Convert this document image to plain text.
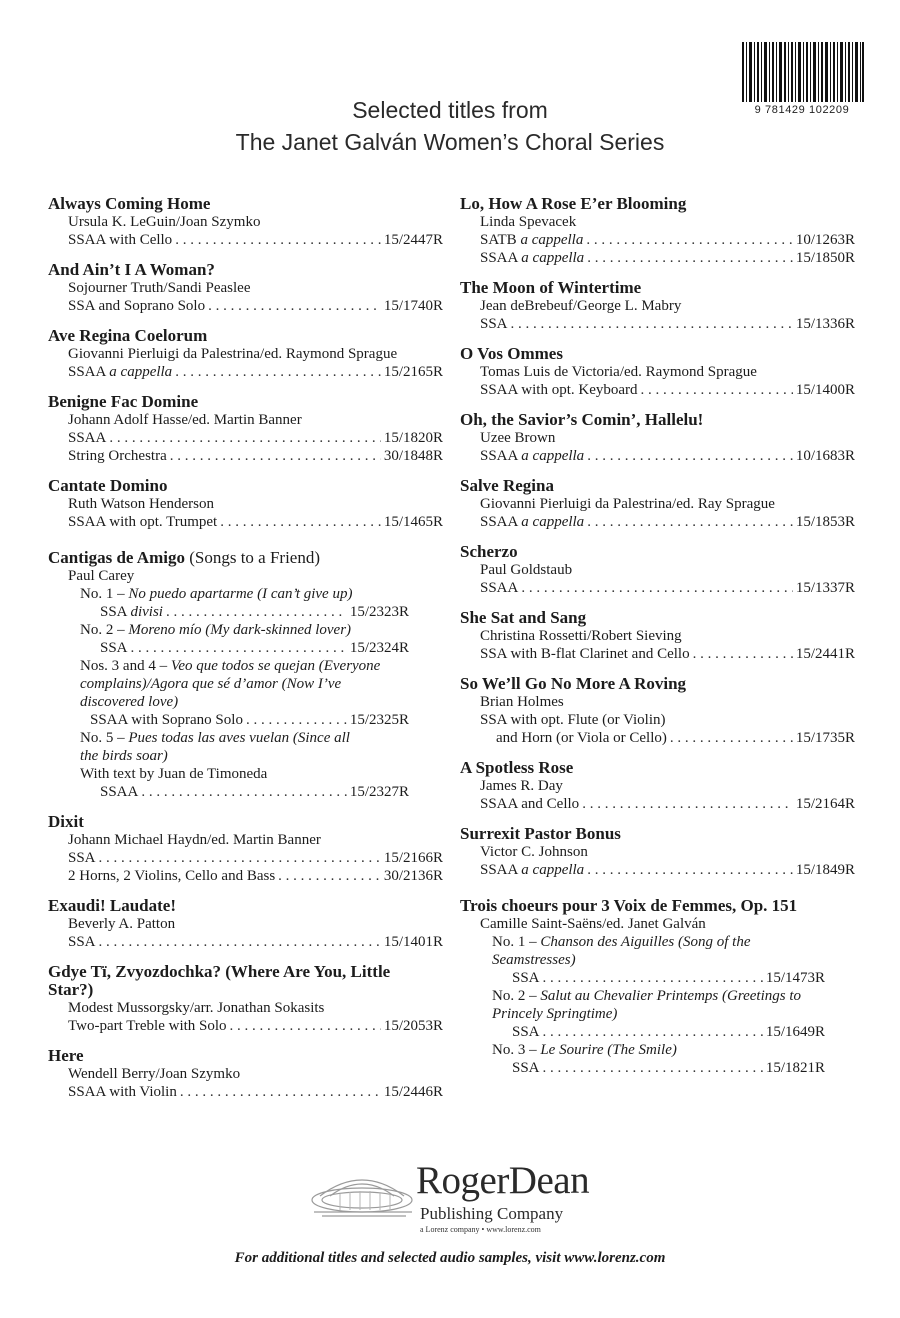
9 781429 102209
Selected titles from
The Janet Galván Women’s Choral Series
Always Coming Home
Ursula K. LeGuin/Joan Szymko
SSAA with Cello . . .	15/2447R
And Ain’t I A Woman?
Sojourner Truth/Sandi Peaslee
SSA and Soprano Solo . . .	15/1740R
Ave Regina Coelorum
Giovanni Pierluigi da Palestrina/ed. Raymond Sprague
SSAA a cappella . . .	15/2165R
Benigne Fac Domine
Johann Adolf Hasse/ed. Martin Banner
SSAA . . .	15/1820R
String Orchestra . . .	30/1848R
Cantate Domino
Ruth Watson Henderson
SSAA with opt. Trumpet . . .	15/1465R
Cantigas de Amigo (Songs to a Friend)
Paul Carey
No. 1 – No puedo apartarme (I can’t give up)
SSA divisi . . .	15/2323R
No. 2 – Moreno mío (My dark-skinned lover)
SSA . . .	15/2324R
Nos. 3 and 4 – Veo que todos se quejan (Everyone complains)/Agora que sé d’amor (Now I’ve discovered love)
SSAA with Soprano Solo . . .	15/2325R
No. 5 – Pues todas las aves vuelan (Since all the birds soar)
With text by Juan de Timoneda
SSAA . . .	15/2327R
Dixit
Johann Michael Haydn/ed. Martin Banner
SSA . . .	15/2166R
2 Horns, 2 Violins, Cello and Bass . . .	30/2136R
Exaudi! Laudate!
Beverly A. Patton
SSA . . .	15/1401R
Gdye Tï, Zvyozdochka? (Where Are You, Little Star?)
Modest Mussorgsky/arr. Jonathan Sokasits
Two-part Treble with Solo . . .	15/2053R
Here
Wendell Berry/Joan Szymko
SSAA with Violin . . .	15/2446R
Lo, How A Rose E’er Blooming
Linda Spevacek
SATB a cappella . . .	10/1263R
SSAA a cappella . . .	15/1850R
The Moon of Wintertime
Jean deBrebeuf/George L. Mabry
SSA . . .	15/1336R
O Vos Ommes
Tomas Luis de Victoria/ed. Raymond Sprague
SSAA with opt. Keyboard . . .	15/1400R
Oh, the Savior’s Comin’, Hallelu!
Uzee Brown
SSAA a cappella . . .	10/1683R
Salve Regina
Giovanni Pierluigi da Palestrina/ed. Ray Sprague
SSAA a cappella . . .	15/1853R
Scherzo
Paul Goldstaub
SSAA . . .	15/1337R
She Sat and Sang
Christina Rossetti/Robert Sieving
SSA with B-flat Clarinet and Cello . . .	15/2441R
So We’ll Go No More A Roving
Brian Holmes
SSA with opt. Flute (or Violin)
and Horn (or Viola or Cello) . . .	15/1735R
A Spotless Rose
James R. Day
SSAA and Cello . . .	15/2164R
Surrexit Pastor Bonus
Victor C. Johnson
SSAA a cappella . . .	15/1849R
Trois choeurs pour 3 Voix de Femmes, Op. 151
Camille Saint-Saëns/ed. Janet Galván
No. 1 – Chanson des Aiguilles (Song of the Seamstresses)
SSA . . .	15/1473R
No. 2 – Salut au Chevalier Printemps (Greetings to Princely Springtime)
SSA . . .	15/1649R
No. 3 – Le Sourire (The Smile)
SSA . . .	15/1821R
RogerDean
Publishing Company
a Lorenz company • www.lorenz.com
For additional titles and selected audio samples, visit www.lorenz.com
